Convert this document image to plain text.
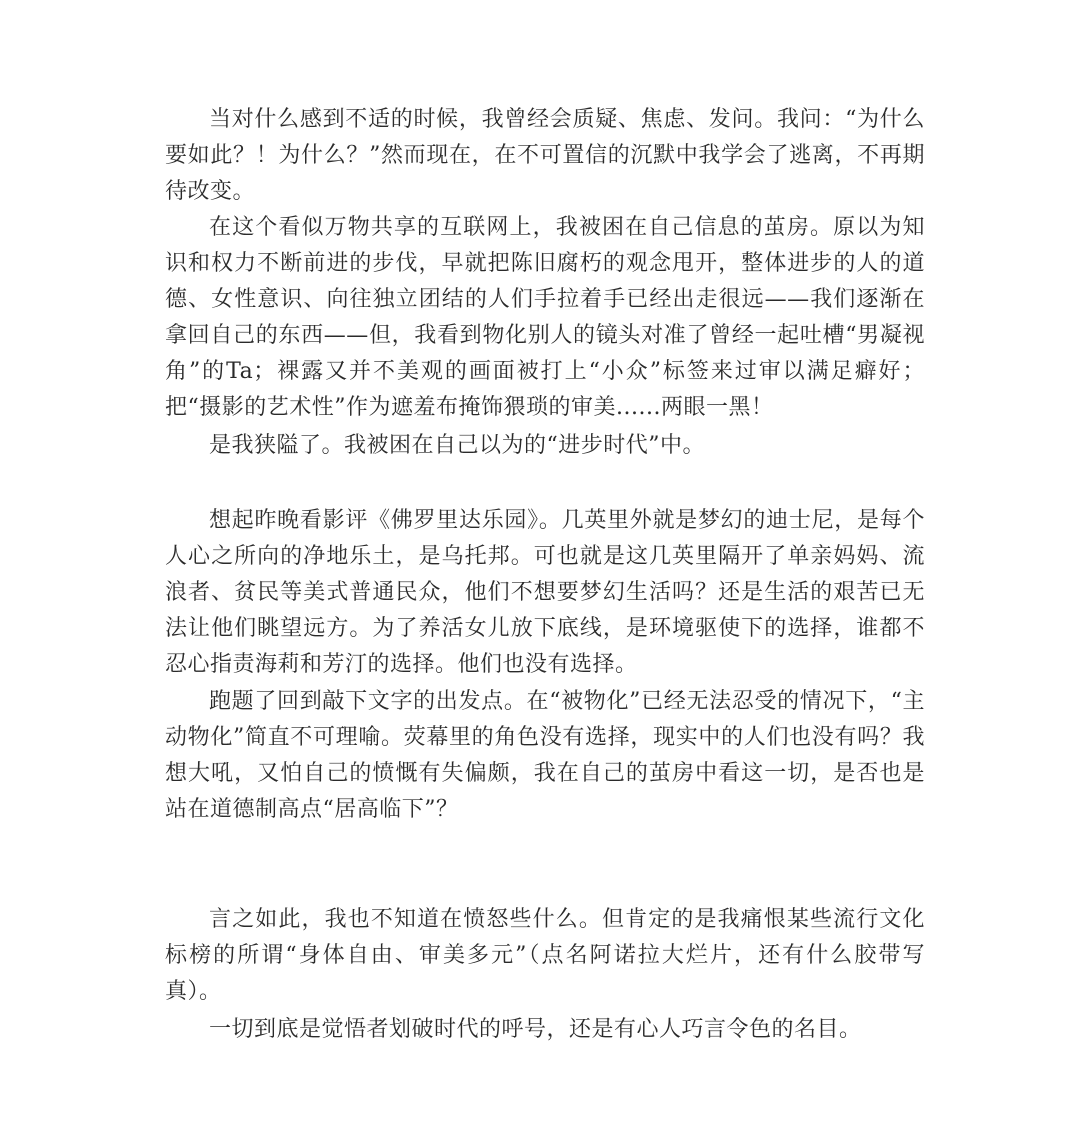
当对什么感到不适的时候，我曾经会质疑、焦虑、发问。我问：“为什么要如此？！为什么？”然而现在，在不可置信的沉默中我学会了逃离，不再期待改变。

在这个看似万物共享的互联网上，我被困在自己信息的茧房。原以为知识和权力不断前进的步伐，早就把陈旧腐朽的观念甩开，整体进步的人的道德、女性意识、向往独立团结的人们手拉着手已经出走很远——我们逐渐在拿回自己的东西——但，我看到物化别人的镜头对准了曾经一起吐槽“男凝视角”的Ta；裸露又并不美观的画面被打上“小众”标签来过审以满足癖好；把“摄影的艺术性”作为遮羞布掩饰猥琐的审美......两眼一黑！

是我狭隘了。我被困在自己以为的“进步时代”中。

想起昨晚看影评《佛罗里达乐园》。几英里外就是梦幻的迪士尼，是每个人心之所向的净地乐土，是乌托邦。可也就是这几英里隔开了单亲妈妈、流浪者、贫民等美式普通民众，他们不想要梦幻生活吗？还是生活的艰苦已无法让他们眺望远方。为了养活女儿放下底线，是环境驱使下的选择，谁都不忍心指责海莉和芳汀的选择。他们也没有选择。

跑题了回到敲下文字的出发点。在“被物化”已经无法忍受的情况下，“主动物化”简直不可理喻。荧幕里的角色没有选择，现实中的人们也没有吗？我想大吼，又怕自己的愤慨有失偏颇，我在自己的茧房中看这一切，是否也是站在道德制高点“居高临下”？

言之如此，我也不知道在愤怒些什么。但肯定的是我痛恨某些流行文化标榜的所谓“身体自由、审美多元”（点名阿诺拉大烂片，还有什么胶带写真）。

一切到底是觉悟者划破时代的呼号，还是有心人巧言令色的名目。
